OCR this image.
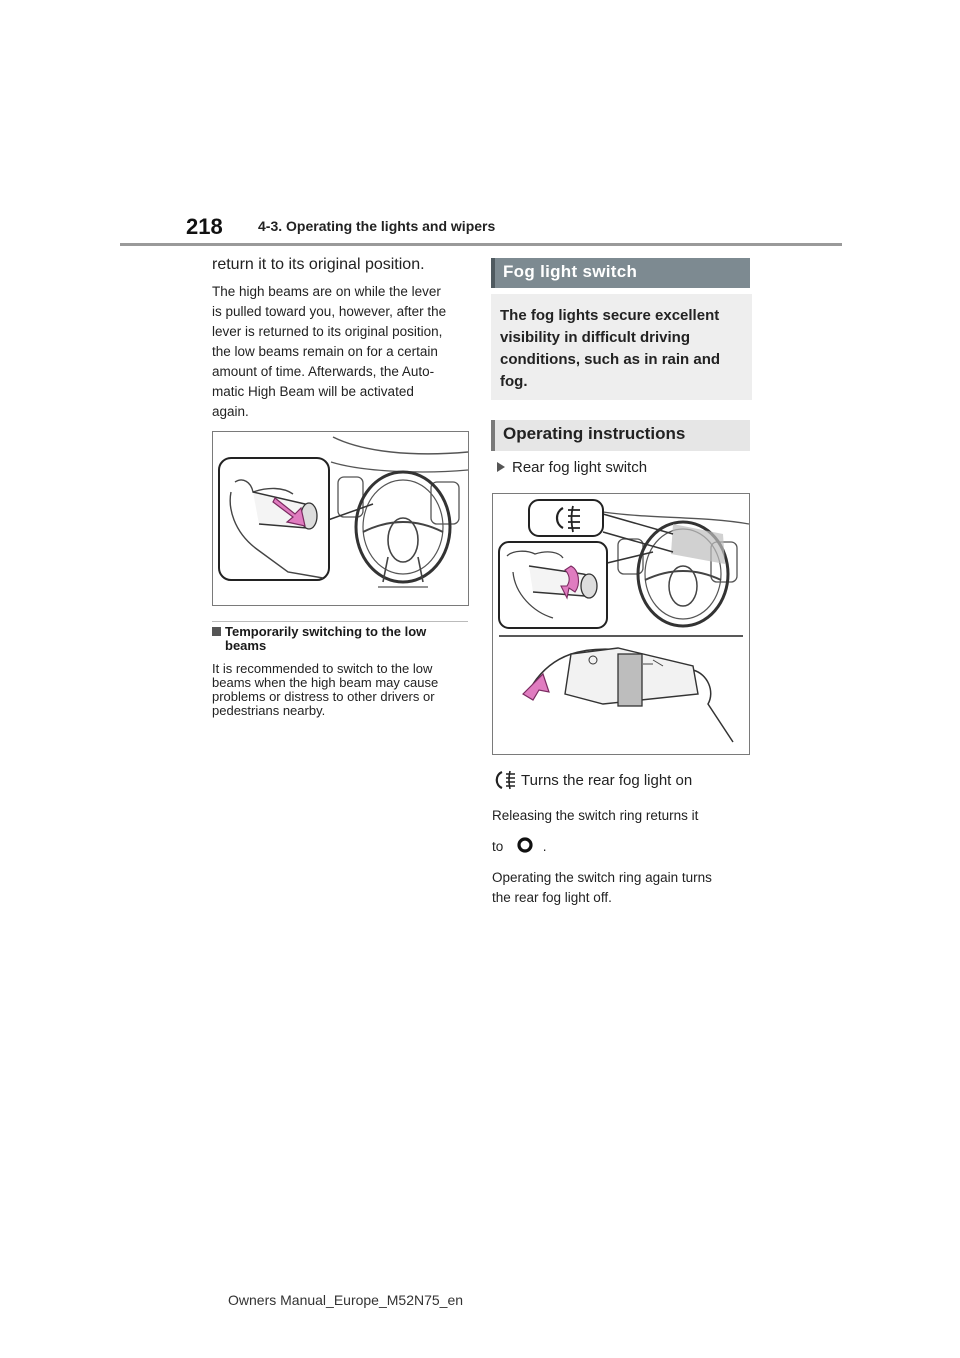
218	4-3. Operating the lights and wipers
return it to its original position.

The high beams are on while the lever

is pulled toward you, however, after the

lever is returned to its original position,

the low beams remain on for a certain

amount of time. Afterwards, the Auto-

matic High Beam will be activated

again.

Temporarily switching to the low
beams
It is recommended to switch to the low
beams when the high beam may cause
problems or distress to other drivers or
pedestrians nearby.
Fog light switch
The fog lights secure excellent
visibility in difficult driving
conditions, such as in rain and
fog.
Operating instructions
Rear fog light switch
Turns the rear fog light on
Releasing the switch ring returns it
to	.
Operating the switch ring again turns
the rear fog light off.
Owners Manual_Europe_M52N75_en
